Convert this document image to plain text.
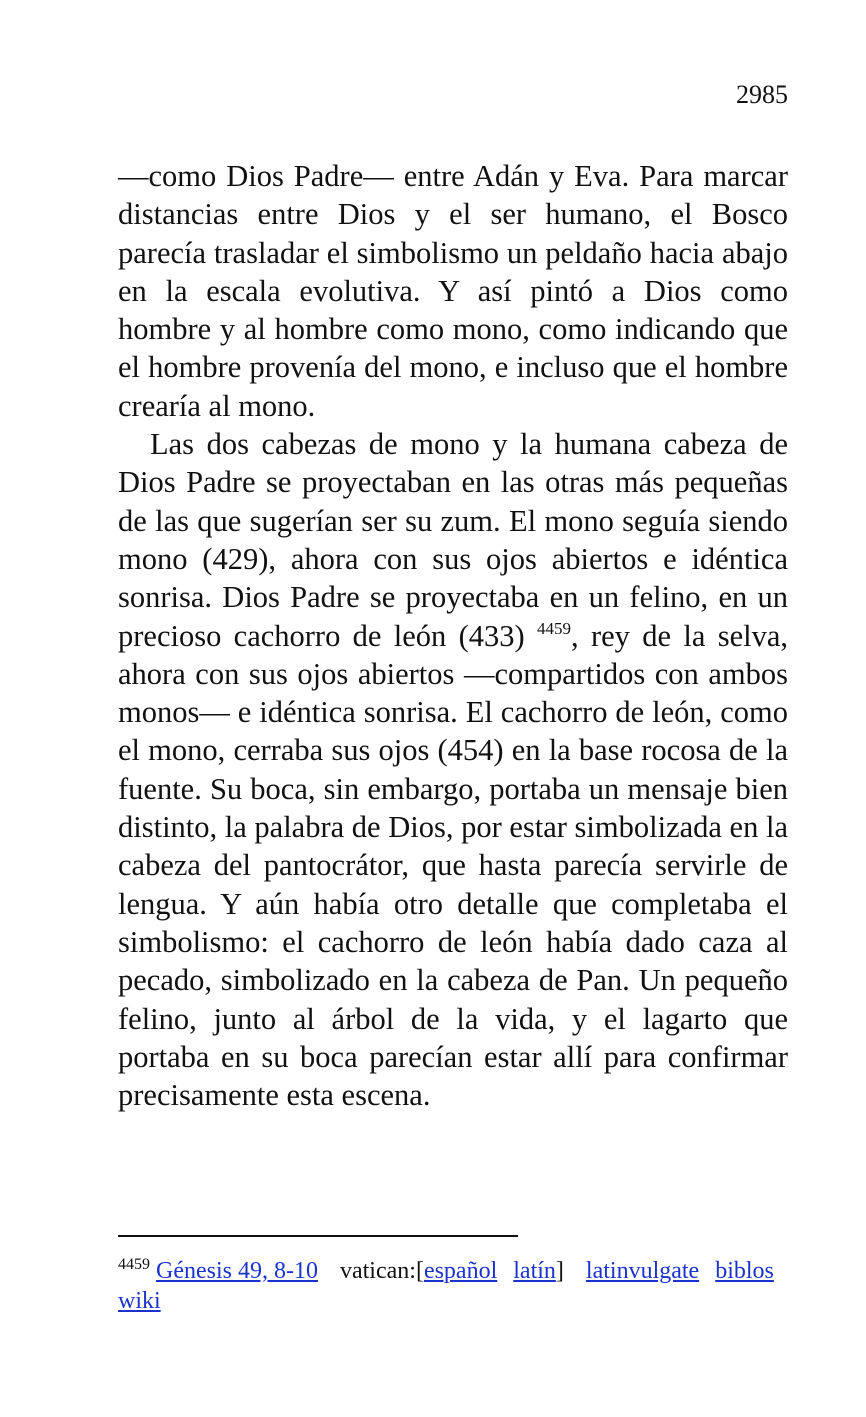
2985

—como Dios Padre— entre Adán y Eva. Para marcar distancias entre Dios y el ser humano, el Bosco parecía trasladar el simbolismo un peldaño hacia abajo en la escala evolutiva. Y así pintó a Dios como hombre y al hombre como mono, como indicando que el hombre provenía del mono, e incluso que el hombre crearía al mono.

Las dos cabezas de mono y la humana cabeza de Dios Padre se proyectaban en las otras más pequeñas de las que sugerían ser su zum. El mono seguía siendo mono (429), ahora con sus ojos abiertos e idéntica sonrisa. Dios Padre se proyectaba en un felino, en un precioso cachorro de león (433) $^{4459}$, rey de la selva, ahora con sus ojos abiertos —compartidos con ambos monos— e idéntica sonrisa. El cachorro de león, como el mono, cerraba sus ojos (454) en la base rocosa de la fuente. Su boca, sin embargo, portaba un mensaje bien distinto, la palabra de Dios, por estar simbolizada en la cabeza del pantocrátor, que hasta parecía servirle de lengua. Y aún había otro detalle que completaba el simbolismo: el cachorro de león había dado caza al pecado, simbolizado en la cabeza de Pan. Un pequeño felino, junto al árbol de la vida, y el lagarto que portaba en su boca parecían estar allí para confirmar precisamente esta escena.

$^{4459}$ Génesis 49, 8-10 vatican:[español latín] latinvulgate biblos
wiki
